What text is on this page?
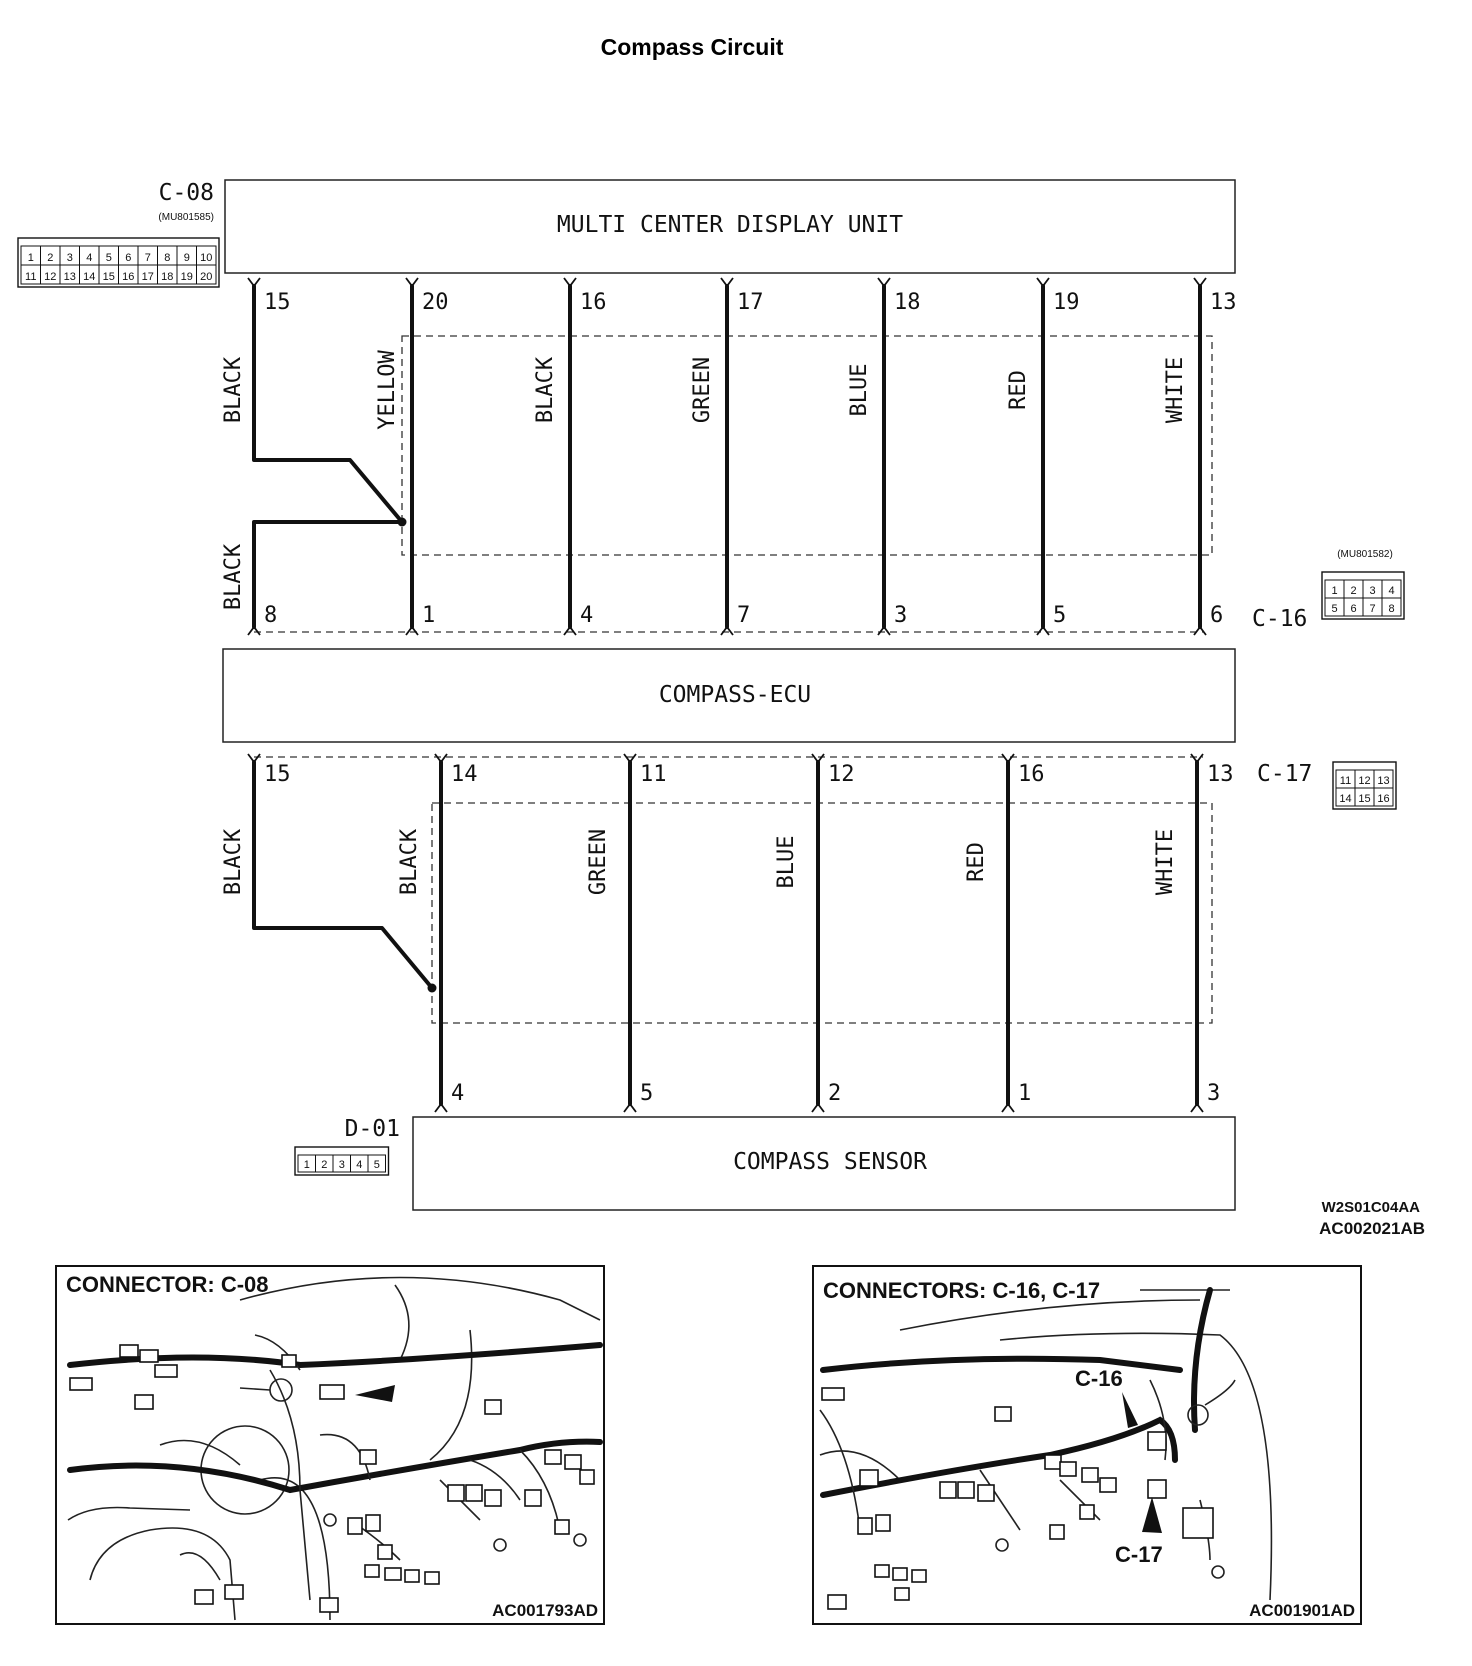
Compass Circuit
MULTI CENTER DISPLAY UNIT
C-08
(MU801585)
1 2 3 4 5 6 7 8 9 10
11 12 13 14 15 16 17 18 19 20
COMPASS-ECU
(MU801582)
C-16
1 2 3 4
5 6 7 8
C-17 11 12 13
14 15 16
COMPASS SENSOR
D-01
1 2 3 4 5
15
8
20
1
16
4
17
7
18
3
19
5
13
6
15	14
4
11
5
12
2
16
1
13
3
BLACK
BLACK
YELLOW	BLACK	GREEN	BLUE	RED	WHITE
BLACK	BLACK	GREEN	BLUE	RED	WHITE
W2S01C04AA
AC002021AB
CONNECTOR: C-08
AC001793AD
CONNECTORS: C-16, C-17
C-16
C-17
AC001901AD
